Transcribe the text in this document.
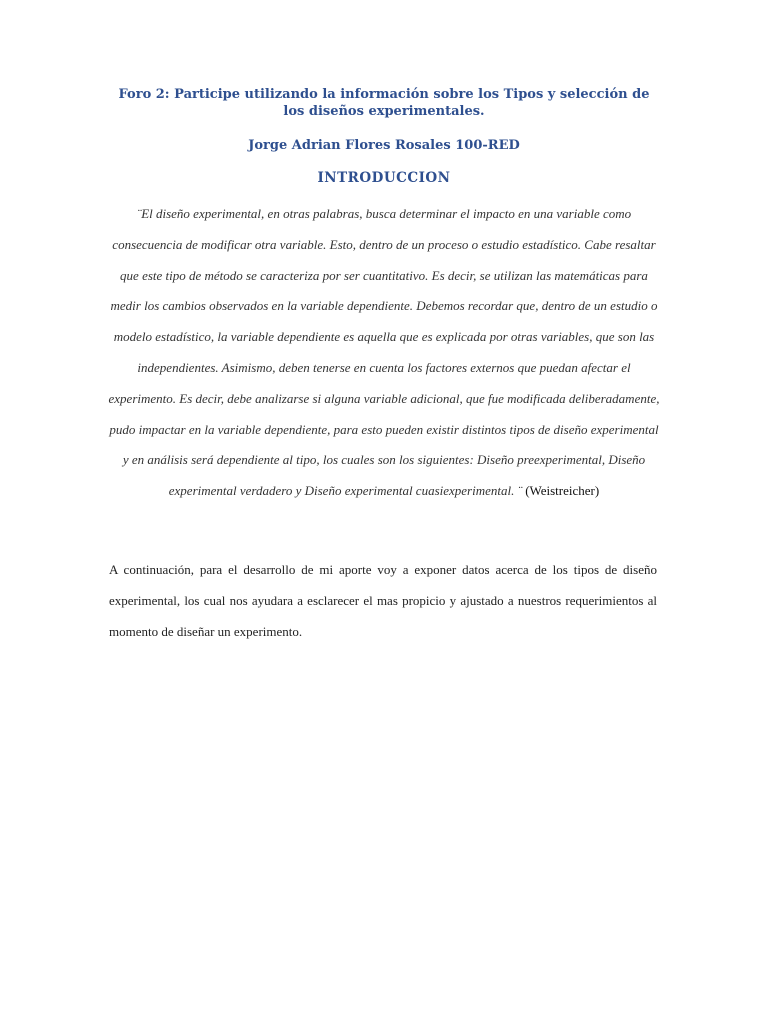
Foro 2: Participe utilizando la información sobre los Tipos y selección de los diseños experimentales.
Jorge Adrian Flores Rosales 100-RED
INTRODUCCION
¨El diseño experimental, en otras palabras, busca determinar el impacto en una variable como consecuencia de modificar otra variable. Esto, dentro de un proceso o estudio estadístico. Cabe resaltar que este tipo de método se caracteriza por ser cuantitativo. Es decir, se utilizan las matemáticas para medir los cambios observados en la variable dependiente. Debemos recordar que, dentro de un estudio o modelo estadístico, la variable dependiente es aquella que es explicada por otras variables, que son las independientes. Asimismo, deben tenerse en cuenta los factores externos que puedan afectar el experimento. Es decir, debe analizarse si alguna variable adicional, que fue modificada deliberadamente, pudo impactar en la variable dependiente, para esto pueden existir distintos tipos de diseño experimental y en análisis será dependiente al tipo, los cuales son los siguientes: Diseño preexperimental, Diseño experimental verdadero y Diseño experimental cuasiexperimental. ¨ (Weistreicher)
A continuación, para el desarrollo de mi aporte voy a exponer datos acerca de los tipos de diseño experimental, los cual nos ayudara a esclarecer el mas propicio y ajustado a nuestros requerimientos al momento de diseñar un experimento.
